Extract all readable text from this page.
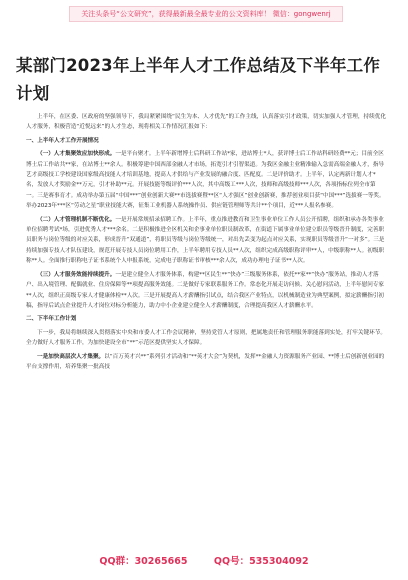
关注头条号“公文研究”，获得最新最全最专业的公文资料库！ 微信：gongwenrj
某部门2023年上半年人才工作总结及下半年工作计划

上半年，在区委、区政府的坚强领导下，我局紧紧围绕“民生为本、人才优先”的工作主线，认真落实引才政策，切实加强人才管理，持续优化人才服务，积极营造“近悦远来”的人才生态，现将相关工作情况汇报如下：

一、上半年人才工作开展情况

（一）人才集聚效应加快形成。一是平台聚才。上半年新增博士后科研工作站*家，进站博士*人，获评博士后工作站科研经费**元；目前全区博士后工作站共**家，在站博士**余人。积极筹建中国西部金融人才市场，拓宽引才引智渠道。为我区金融主业精准输入急需高端金融人才，指导艺才高级技工学校建设国家级高技能人才培训基地，提高人才供给与产业发展的融合度、匹配度。二是评价助才。上半年，认定两新计划人才*名，发放人才奖励金**万元，引才补助**元。开展技能等级评价***人次，其中高级工***人次，技师和高级技师***人次，各项指标位列全市第一。三是赛事育才。成功举办第五届“中国***”创业创新大赛**市选拔赛暨**区“人才强区”创业创新赛，推荐创业项目获“中国***”选拔赛一等奖。举办2023年***区“劳动之星”职业技能大赛，征集工业机器人系统操作员、供应链管理师等共计**个项目，近***人报名参赛。

（二）人才管理机制不断优化。一是开展常规招录招聘工作。上半年，重点推进教育和卫生事业单位工作人员公开招聘，组织和承办各类事业单位招聘考试*场，引进优秀人才***余名。二是积极推进全区机关和企事业单位职员制改革，在街道下属事业单位建立职员等级晋升制度，完善职员职务与岗位等级的对应关系，形成晋升“双通道”，将职员等级与岗位等级统一，对出先丢变为起点对应关系，实现职员等级晋升“一对多”。三是持续加强专技人才队伍建设，规范开展专技人员岗位聘用工作，上半年聘用专技人员**人次，组织完成高级职称评审**人，中级职称**人。初级职称**人。全面推行职称电子证书系统个人申报系统，完成电子职称证书审核***余人次，成功办理电子证书**人次。

（三）人才服务效能持续提升。一是建立健全人才服务体系，构建**区民生**“快办”三级服务体系，依托**家**“快办”服务站，推动人才落户、出入境管理、配偶就业、住房保障等**项提高服务效能。二是做好专家联系服务工作。常态化开展走访问候、关心慰问活动，上半年慰问专家**人次，组织正高级专家人才健康体检**人次。三是开展提高人才薪酬指引试点，结合我区产业特点，以机械制造业为典型案例，拟定薪酬指引初稿，指导后试点企业提升人才岗位对标分析能力，助力中小企业建立健全人才薪酬制度，合理提高我区人才薪酬水平。

二、下半年工作计划

下一步，我局将继续深入贯彻落实中央和市委人才工作会议精神，坚持党管人才原则，把属地责任和管理服务职能落到实处，打牢关键环节。全力做好人才服务工作，为加快建设全市“**”示范区提供坚实人才保障。

一是加快高层次人才集聚。以“百万英才兴**”系列引才活动和“**英才大会”为契机，发挥**金融人力资源服务产业园、**博士后创新创业园的平台支撑作用，培养集聚一批高技

QQ群：30265665        QQ号：535304092
